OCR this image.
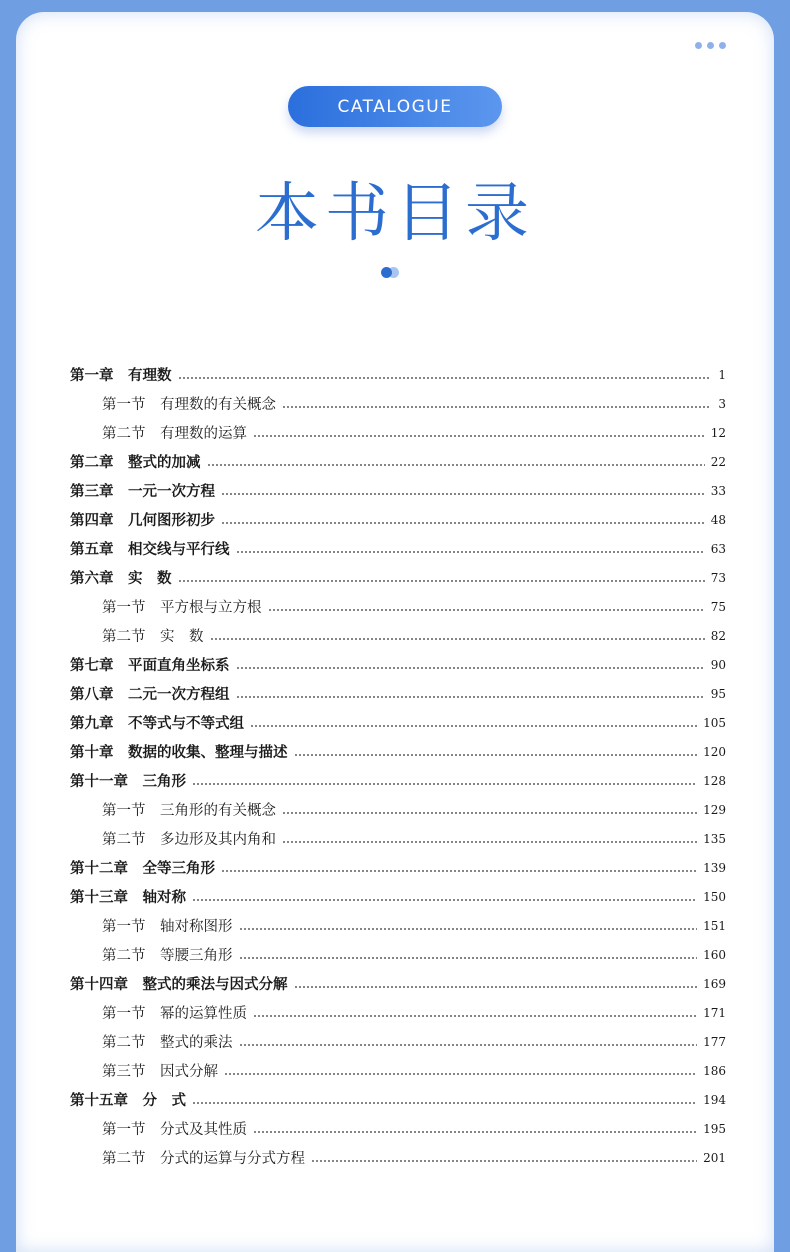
CATALOGUE
本书目录
第一章　有理数	1
第一节　有理数的有关概念	3
第二节　有理数的运算	12
第二章　整式的加减	22
第三章　一元一次方程	33
第四章　几何图形初步	48
第五章　相交线与平行线	63
第六章　实　数	73
第一节　平方根与立方根	75
第二节　实　数	82
第七章　平面直角坐标系	90
第八章　二元一次方程组	95
第九章　不等式与不等式组	105
第十章　数据的收集、整理与描述	120
第十一章　三角形	128
第一节　三角形的有关概念	129
第二节　多边形及其内角和	135
第十二章　全等三角形	139
第十三章　轴对称	150
第一节　轴对称图形	151
第二节　等腰三角形	160
第十四章　整式的乘法与因式分解	169
第一节　幂的运算性质	171
第二节　整式的乘法	177
第三节　因式分解	186
第十五章　分　式	194
第一节　分式及其性质	195
第二节　分式的运算与分式方程	201
